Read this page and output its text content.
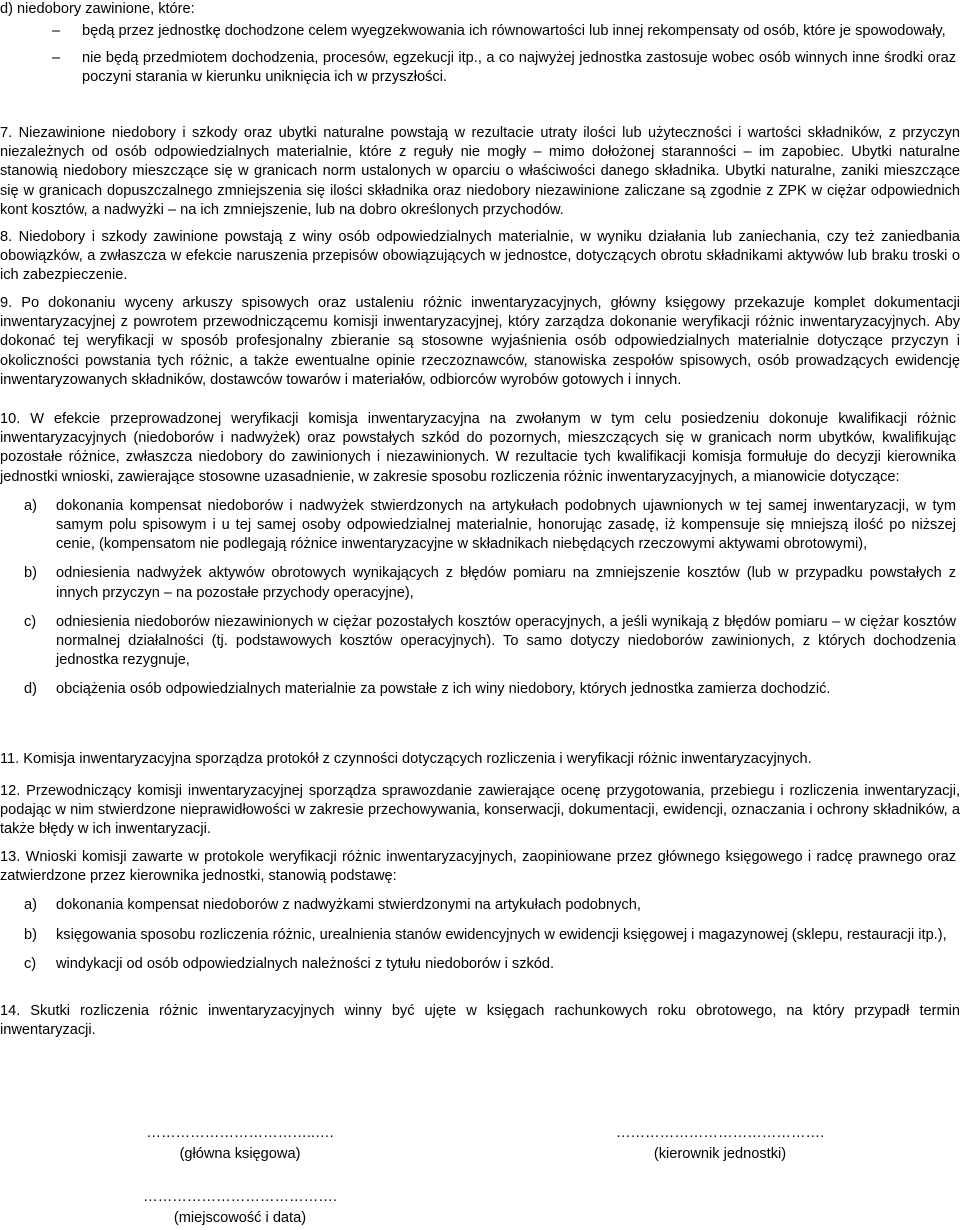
d) niedobory zawinione, które:
– będą przez jednostkę dochodzone celem wyegzekwowania ich równowartości lub innej rekompensaty od osób, które je spowodowały,
– nie będą przedmiotem dochodzenia, procesów, egzekucji itp., a co najwyżej jednostka zastosuje wobec osób winnych inne środki oraz poczyni starania w kierunku uniknięcia ich w przyszłości.
7. Niezawinione niedobory i szkody oraz ubytki naturalne powstają w rezultacie utraty ilości lub użyteczności i wartości składników, z przyczyn niezależnych od osób odpowiedzialnych materialnie, które z reguły nie mogły – mimo dołożonej staranności – im zapobiec. Ubytki naturalne stanowią niedobory mieszczące się w granicach norm ustalonych w oparciu o właściwości danego składnika. Ubytki naturalne, zaniki mieszczące się w granicach dopuszczalnego zmniejszenia się ilości składnika oraz niedobory niezawinione zaliczane są zgodnie z ZPK w ciężar odpowiednich kont kosztów, a nadwyżki – na ich zmniejszenie, lub na dobro określonych przychodów.
8. Niedobory i szkody zawinione powstają z winy osób odpowiedzialnych materialnie, w wyniku działania lub zaniechania, czy też zaniedbania obowiązków, a zwłaszcza w efekcie naruszenia przepisów obowiązujących w jednostce, dotyczących obrotu składnikami aktywów lub braku troski o ich zabezpieczenie.
9. Po dokonaniu wyceny arkuszy spisowych oraz ustaleniu różnic inwentaryzacyjnych, główny księgowy przekazuje komplet dokumentacji inwentaryzacyjnej z powrotem przewodniczącemu komisji inwentaryzacyjnej, który zarządza dokonanie weryfikacji różnic inwentaryzacyjnych. Aby dokonać tej weryfikacji w sposób profesjonalny zbieranie są stosowne wyjaśnienia osób odpowiedzialnych materialnie dotyczące przyczyn i okoliczności powstania tych różnic, a także ewentualne opinie rzeczoznawców, stanowiska zespołów spisowych, osób prowadzących ewidencję inwentaryzowanych składników, dostawców towarów i materiałów, odbiorców wyrobów gotowych i innych.
10. W efekcie przeprowadzonej weryfikacji komisja inwentaryzacyjna na zwołanym w tym celu posiedzeniu dokonuje kwalifikacji różnic inwentaryzacyjnych (niedoborów i nadwyżek) oraz powstałych szkód do pozornych, mieszczących się w granicach norm ubytków, kwalifikując pozostałe różnice, zwłaszcza niedobory do zawinionych i niezawinionych. W rezultacie tych kwalifikacji komisja formułuje do decyzji kierownika jednostki wnioski, zawierające stosowne uzasadnienie, w zakresie sposobu rozliczenia różnic inwentaryzacyjnych, a mianowicie dotyczące:
a) dokonania kompensat niedoborów i nadwyżek stwierdzonych na artykułach podobnych ujawnionych w tej samej inwentaryzacji, w tym samym polu spisowym i u tej samej osoby odpowiedzialnej materialnie, honorując zasadę, iż kompensuje się mniejszą ilość po niższej cenie, (kompensatom nie podlegają różnice inwentaryzacyjne w składnikach niebędących rzeczowymi aktywami obrotowymi),
b) odniesienia nadwyżek aktywów obrotowych wynikających z błędów pomiaru na zmniejszenie kosztów (lub w przypadku powstałych z innych przyczyn – na pozostałe przychody operacyjne),
c) odniesienia niedoborów niezawinionych w ciężar pozostałych kosztów operacyjnych, a jeśli wynikają z błędów pomiaru – w ciężar kosztów normalnej działalności (tj. podstawowych kosztów operacyjnych). To samo dotyczy niedoborów zawinionych, z których dochodzenia jednostka rezygnuje,
d) obciążenia osób odpowiedzialnych materialnie za powstałe z ich winy niedobory, których jednostka zamierza dochodzić.
11. Komisja inwentaryzacyjna sporządza protokół z czynności dotyczących rozliczenia i weryfikacji różnic inwentaryzacyjnych.
12. Przewodniczący komisji inwentaryzacyjnej sporządza sprawozdanie zawierające ocenę przygotowania, przebiegu i rozliczenia inwentaryzacji, podając w nim stwierdzone nieprawidłowości w zakresie przechowywania, konserwacji, dokumentacji, ewidencji, oznaczania i ochrony składników, a także błędy w ich inwentaryzacji.
13. Wnioski komisji zawarte w protokole weryfikacji różnic inwentaryzacyjnych, zaopiniowane przez głównego księgowego i radcę prawnego oraz zatwierdzone przez kierownika jednostki, stanowią podstawę:
a) dokonania kompensat niedoborów z nadwyżkami stwierdzonymi na artykułach podobnych,
b) księgowania sposobu rozliczenia różnic, urealnienia stanów ewidencyjnych w ewidencji księgowej i magazynowej (sklepu, restauracji itp.),
c) windykacji od osób odpowiedzialnych należności z tytułu niedoborów i szkód.
14. Skutki rozliczenia różnic inwentaryzacyjnych winny być ujęte w księgach rachunkowych roku obrotowego, na który przypadł termin inwentaryzacji.
……………………………..….
(główna księgowa)
…………………………………….
(kierownik jednostki)
………………………………….
(miejscowość i data)
